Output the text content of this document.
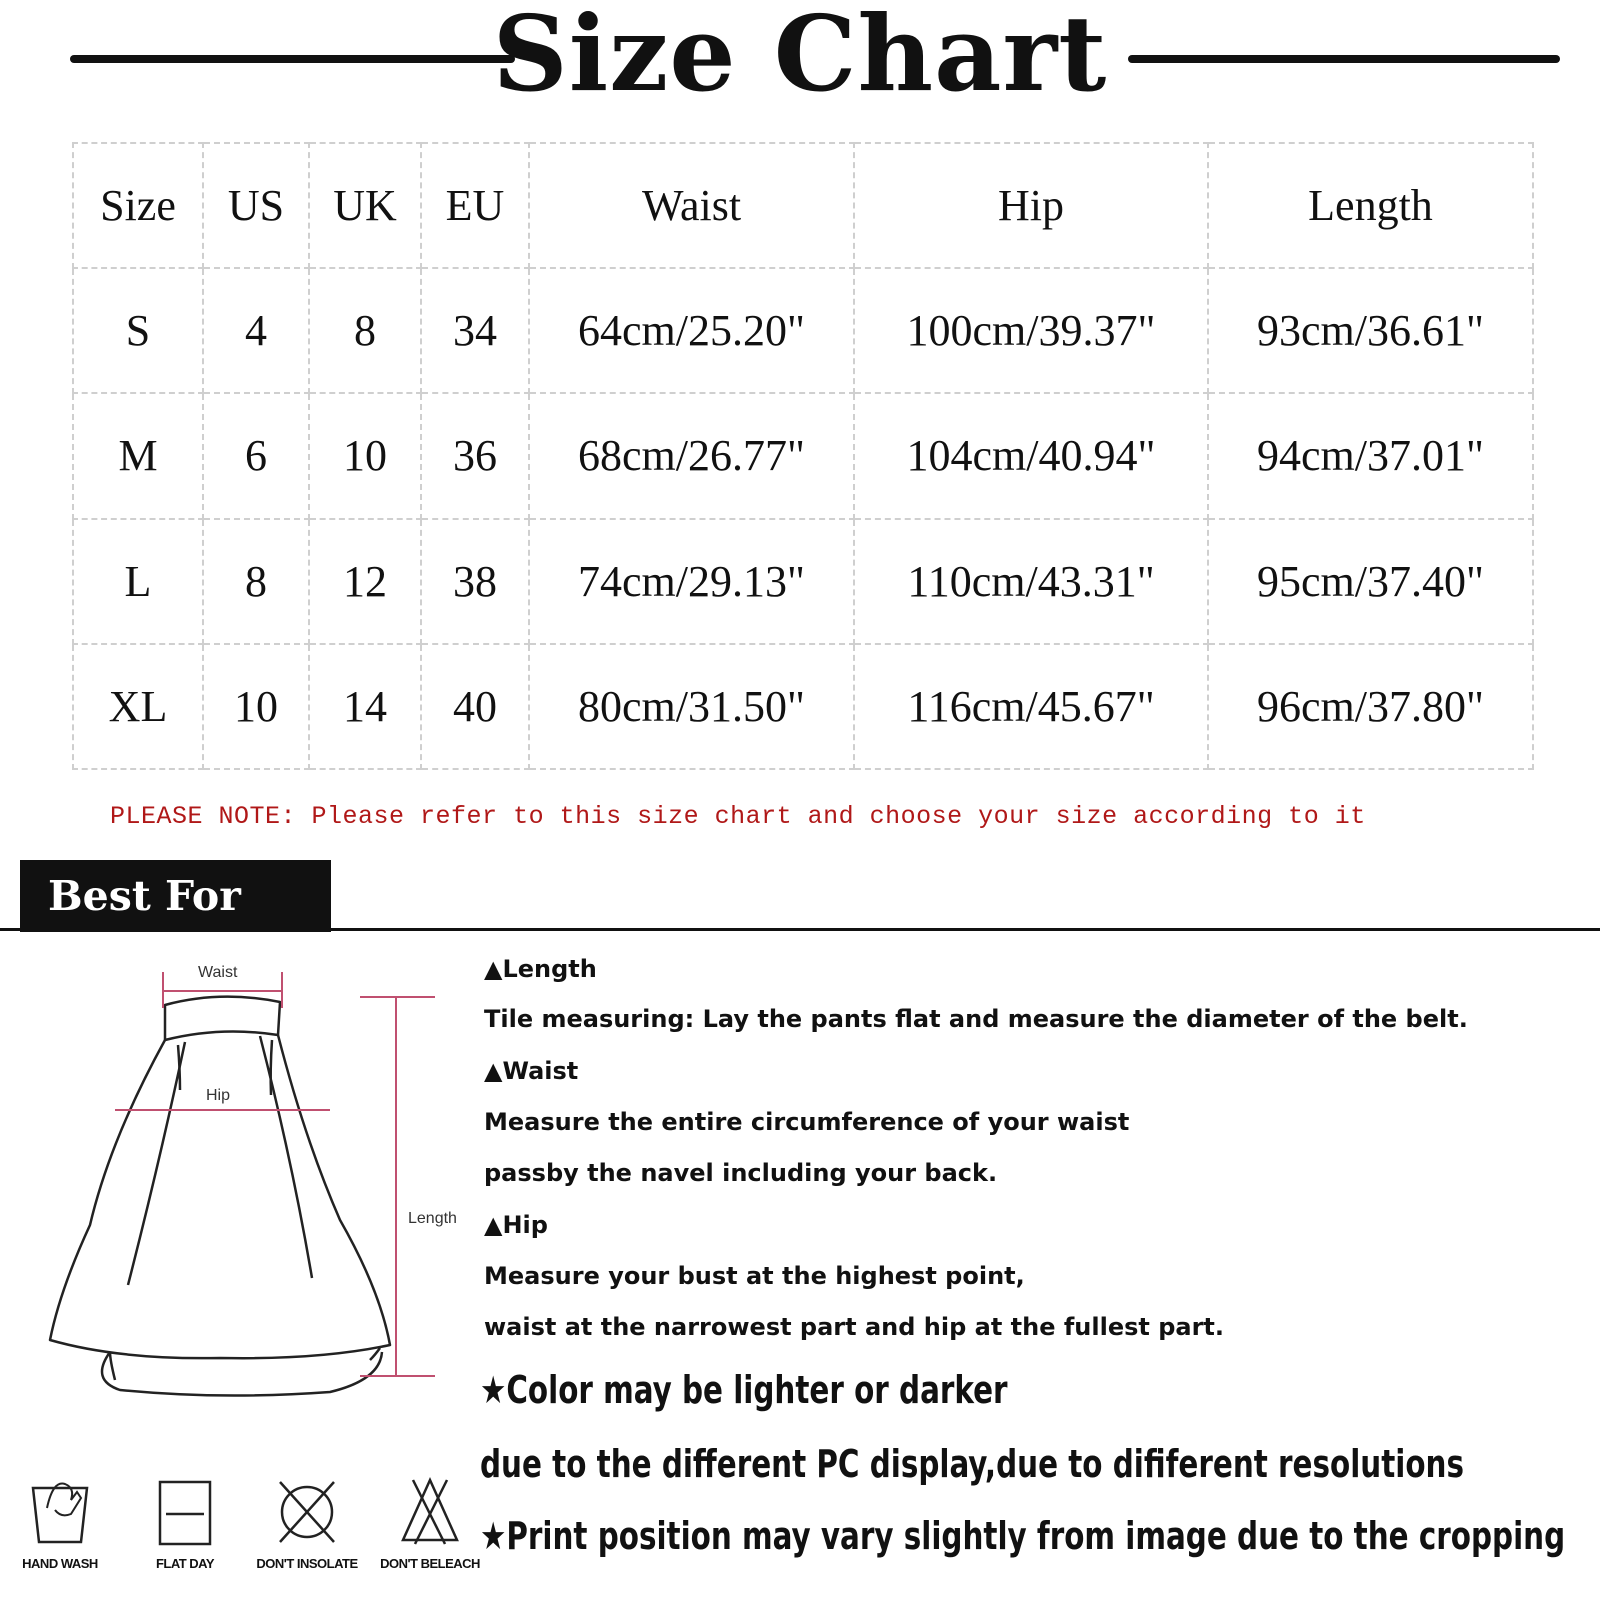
Size Chart
Size	US	UK	EU	Waist	Hip	Length
S	4	8	34	64cm/25.20"	100cm/39.37"	93cm/36.61"
M	6	10	36	68cm/26.77"	104cm/40.94"	94cm/37.01"
L	8	12	38	74cm/29.13"	110cm/43.31"	95cm/37.40"
XL	10	14	40	80cm/31.50"	116cm/45.67"	96cm/37.80"
PLEASE NOTE: Please refer to this size chart and choose your size according to it
Best For You	Waist
Hip
Length
HAND WASH	FLAT DAY	DON'T INSOLATE	DON'T BELEACH
▲Length
Tile measuring: Lay the pants flat and measure the diameter of the belt.
▲Waist
Measure the entire circumference of your waist
passby the navel including your back.
▲Hip
Measure your bust at the highest point,
waist at the narrowest part and hip at the fullest part.
★Color may be lighter or darker
due to the different PC display,due to dififerent resolutions
★Print position may vary slightly from image due to the cropping
